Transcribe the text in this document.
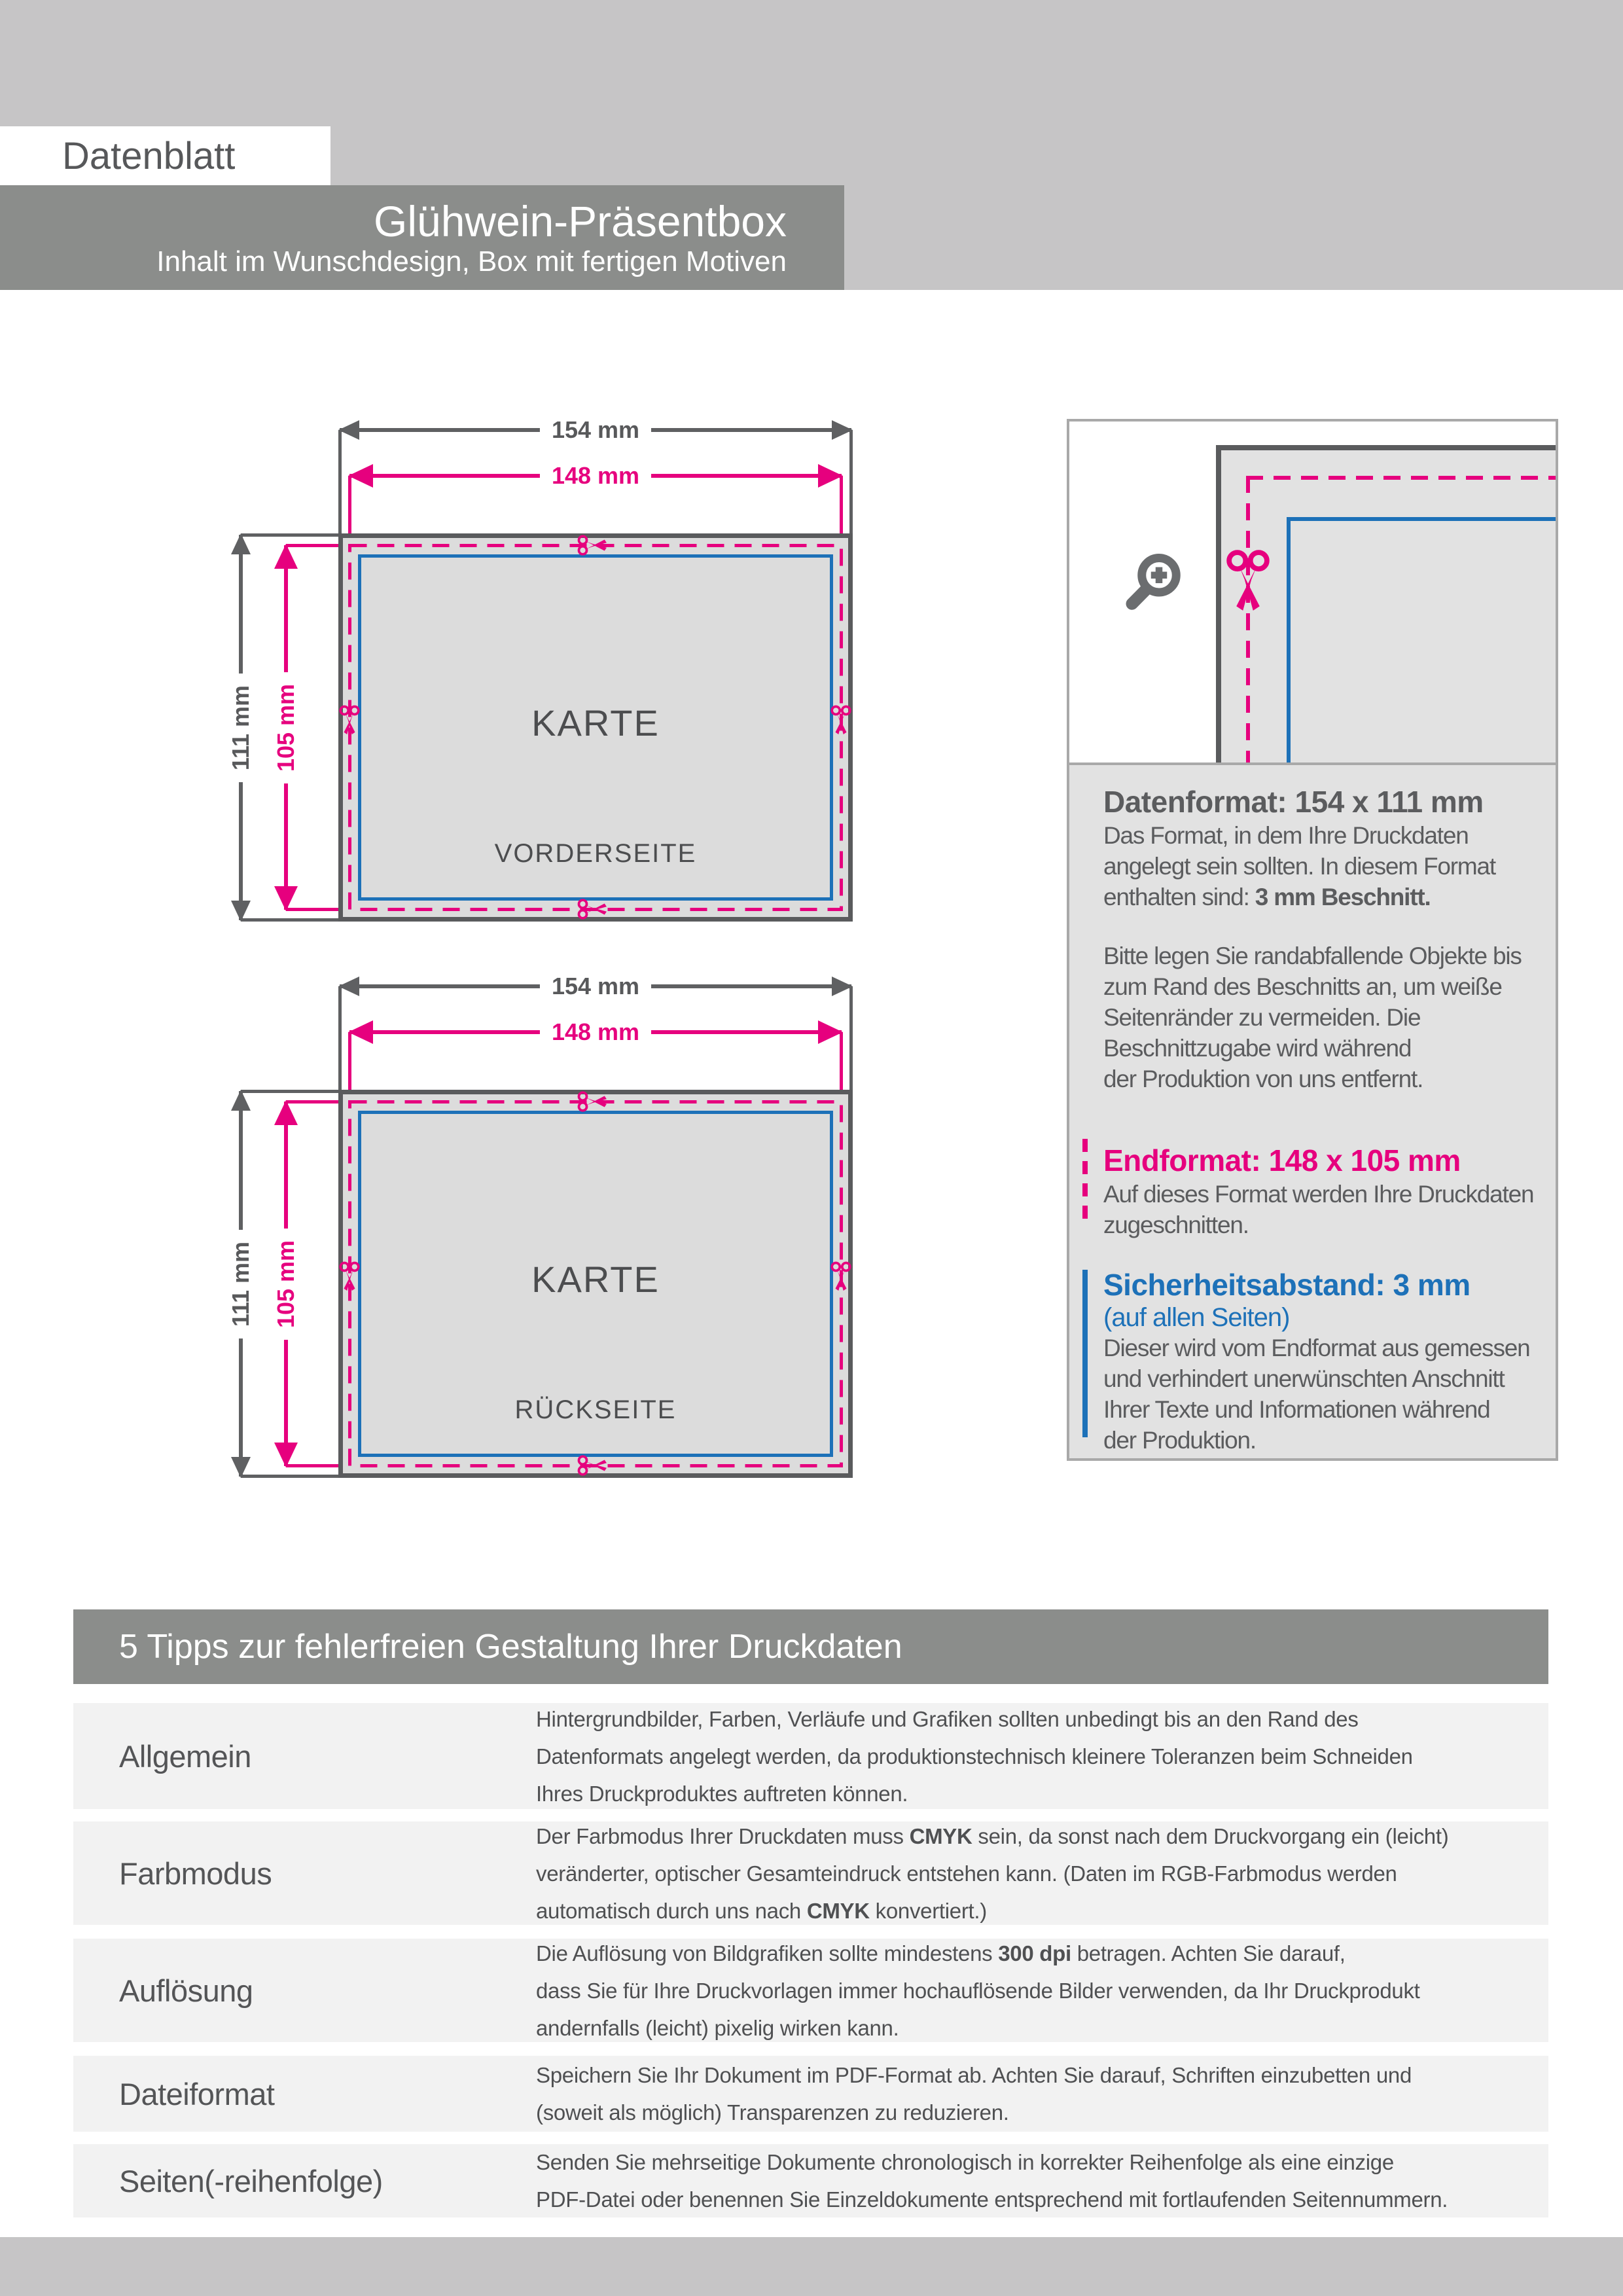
Datenblatt
Glühwein-Präsentbox
Inhalt im Wunschdesign, Box mit fertigen Motiven
154 mm
148 mm
111 mm 105 mm	KARTE
VORDERSEITE
154 mm
148 mm
111 mm 105 mm	KARTE
RÜCKSEITE
Datenformat: 154 x 111 mm
Das Format, in dem Ihre Druckdaten
angelegt sein sollten. In diesem Format
enthalten sind: 3 mm Beschnitt.
Bitte legen Sie randabfallende Objekte bis
zum Rand des Beschnitts an, um weiße
Seitenränder zu vermeiden. Die
Beschnittzugabe wird während
der Produktion von uns entfernt.
Endformat: 148 x 105 mm
Auf dieses Format werden Ihre Druckdaten
zugeschnitten.
Sicherheitsabstand: 3 mm
(auf allen Seiten)
Dieser wird vom Endformat aus gemessen
und verhindert unerwünschten Anschnitt
Ihrer Texte und Informationen während
der Produktion.
5 Tipps zur fehlerfreien Gestaltung Ihrer Druckdaten
Allgemein
Hintergrundbilder, Farben, Verläufe und Grafiken sollten unbedingt bis an den Rand des
Datenformats angelegt werden, da produktionstechnisch kleinere Toleranzen beim Schneiden
Ihres Druckproduktes auftreten können.
Farbmodus
Der Farbmodus Ihrer Druckdaten muss CMYK sein, da sonst nach dem Druckvorgang ein (leicht)
veränderter, optischer Gesamteindruck entstehen kann. (Daten im RGB-Farbmodus werden
automatisch durch uns nach CMYK konvertiert.)
Auflösung
Die Auflösung von Bildgrafiken sollte mindestens 300 dpi betragen. Achten Sie darauf,
dass Sie für Ihre Druckvorlagen immer hochauflösende Bilder verwenden, da Ihr Druckprodukt
andernfalls (leicht) pixelig wirken kann.
Dateiformat
Speichern Sie Ihr Dokument im PDF-Format ab. Achten Sie darauf, Schriften einzubetten und
(soweit als möglich) Transparenzen zu reduzieren.
Seiten(-reihenfolge)
Senden Sie mehrseitige Dokumente chronologisch in korrekter Reihenfolge als eine einzige
PDF-Datei oder benennen Sie Einzeldokumente entsprechend mit fortlaufenden Seitennummern.
